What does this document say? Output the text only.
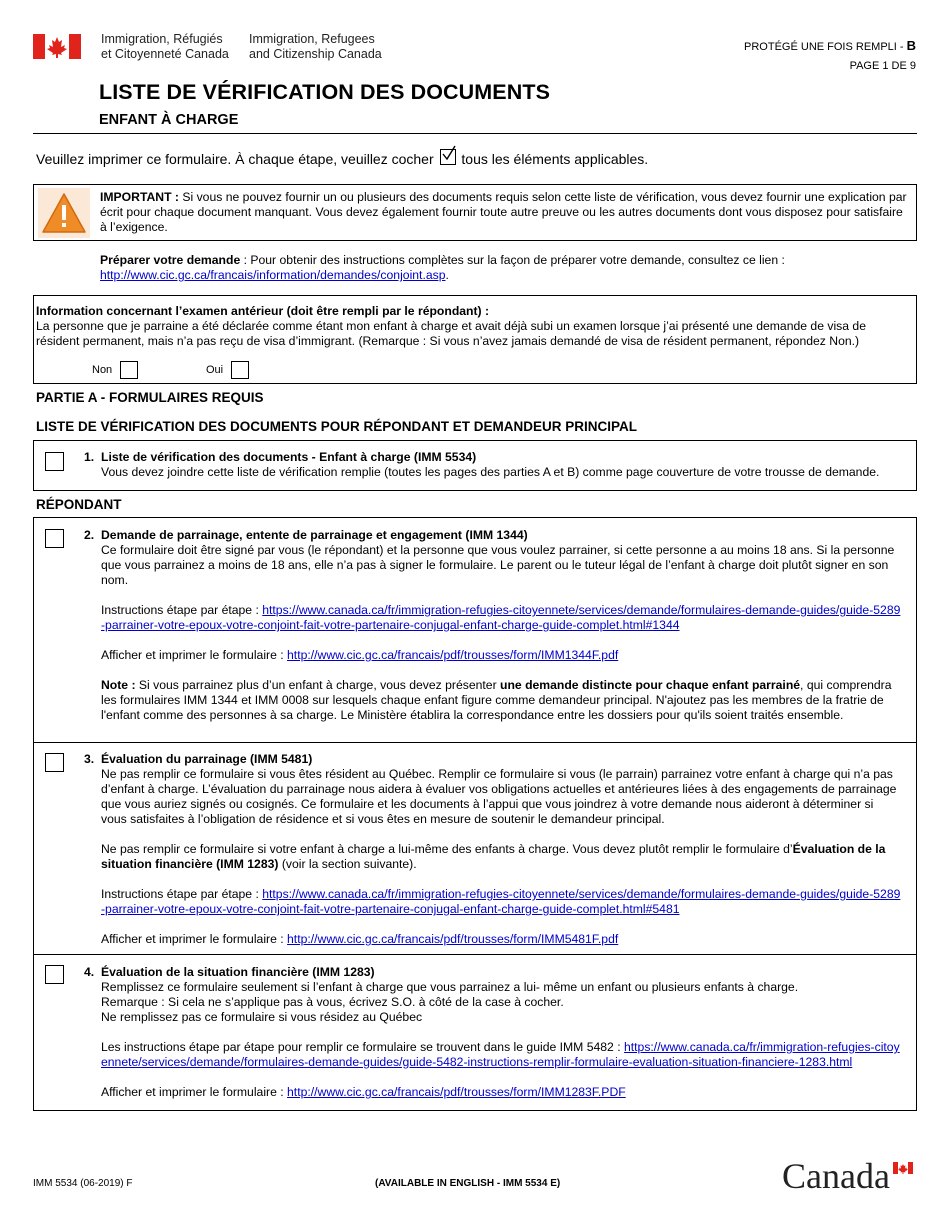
Immigration, Réfugiés
et Citoyenneté Canada
Immigration, Refugees
and Citizenship Canada	PROTÉGÉ UNE FOIS REMPLI - B
PAGE 1 DE 9
LISTE DE VÉRIFICATION DES DOCUMENTS
ENFANT À CHARGE
Veuillez imprimer ce formulaire. À chaque étape, veuillez cocher tous les éléments applicables.
IMPORTANT : Si vous ne pouvez fournir un ou plusieurs des documents requis selon cette liste de vérification, vous devez fournir une explication par écrit pour chaque document manquant. Vous devez également fournir toute autre preuve ou les autres documents dont vous disposez pour satisfaire à l’exigence.
Préparer votre demande : Pour obtenir des instructions complètes sur la façon de préparer votre demande, consultez ce lien :
http://www.cic.gc.ca/francais/information/demandes/conjoint.asp.
Information concernant l’examen antérieur (doit être rempli par le répondant) :
La personne que je parraine a été déclarée comme étant mon enfant à charge et avait déjà subi un examen lorsque j’ai présenté une demande de visa de résident permanent, mais n’a pas reçu de visa d’immigrant. (Remarque : Si vous n’avez jamais demandé de visa de résident permanent, répondez Non.)
Non	Oui
PARTIE A - FORMULAIRES REQUIS
LISTE DE VÉRIFICATION DES DOCUMENTS POUR RÉPONDANT ET DEMANDEUR PRINCIPAL
1. Liste de vérification des documents - Enfant à charge (IMM 5534)
Vous devez joindre cette liste de vérification remplie (toutes les pages des parties A et B) comme page couverture de votre trousse de demande.
RÉPONDANT
2. Demande de parrainage, entente de parrainage et engagement (IMM 1344)
Ce formulaire doit être signé par vous (le répondant) et la personne que vous voulez parrainer, si cette personne a au moins 18 ans. Si la personne que vous parrainez a moins de 18 ans, elle n’a pas à signer le formulaire. Le parent ou le tuteur légal de l’enfant à charge doit plutôt signer en son nom.
Instructions étape par étape : https://www.canada.ca/fr/immigration-refugies-citoyennete/services/demande/formulaires-demande-guides/guide-5289-parrainer-votre-epoux-votre-conjoint-fait-votre-partenaire-conjugal-enfant-charge-guide-complet.html#1344
Afficher et imprimer le formulaire : http://www.cic.gc.ca/francais/pdf/trousses/form/IMM1344F.pdf
Note : Si vous parrainez plus d’un enfant à charge, vous devez présenter une demande distincte pour chaque enfant parrainé, qui comprendra les formulaires IMM 1344 et IMM 0008 sur lesquels chaque enfant figure comme demandeur principal. N'ajoutez pas les membres de la fratrie de l'enfant comme des personnes à sa charge. Le Ministère établira la correspondance entre les dossiers pour qu'ils soient traités ensemble.
3. Évaluation du parrainage (IMM 5481)
Ne pas remplir ce formulaire si vous êtes résident au Québec. Remplir ce formulaire si vous (le parrain) parrainez votre enfant à charge qui n’a pas d’enfant à charge. L’évaluation du parrainage nous aidera à évaluer vos obligations actuelles et antérieures liées à des engagements de parrainage que vous auriez signés ou cosignés. Ce formulaire et les documents à l’appui que vous joindrez à votre demande nous aideront à déterminer si vous satisfaites à l’obligation de résidence et si vous êtes en mesure de soutenir le demandeur principal.
Ne pas remplir ce formulaire si votre enfant à charge a lui-même des enfants à charge. Vous devez plutôt remplir le formulaire d’Évaluation de la situation financière (IMM 1283) (voir la section suivante).
Instructions étape par étape : https://www.canada.ca/fr/immigration-refugies-citoyennete/services/demande/formulaires-demande-guides/guide-5289-parrainer-votre-epoux-votre-conjoint-fait-votre-partenaire-conjugal-enfant-charge-guide-complet.html#5481
Afficher et imprimer le formulaire : http://www.cic.gc.ca/francais/pdf/trousses/form/IMM5481F.pdf
4. Évaluation de la situation financière (IMM 1283)
Remplissez ce formulaire seulement si l’enfant à charge que vous parrainez a lui- même un enfant ou plusieurs enfants à charge.
Remarque : Si cela ne s’applique pas à vous, écrivez S.O. à côté de la case à cocher.
Ne remplissez pas ce formulaire si vous résidez au Québec
Les instructions étape par étape pour remplir ce formulaire se trouvent dans le guide IMM 5482 : https://www.canada.ca/fr/immigration-refugies-citoyennete/services/demande/formulaires-demande-guides/guide-5482-instructions-remplir-formulaire-evaluation-situation-financiere-1283.html
Afficher et imprimer le formulaire : http://www.cic.gc.ca/francais/pdf/trousses/form/IMM1283F.PDF
IMM 5534 (06-2019) F	(AVAILABLE IN ENGLISH - IMM 5534 E)	Canada
